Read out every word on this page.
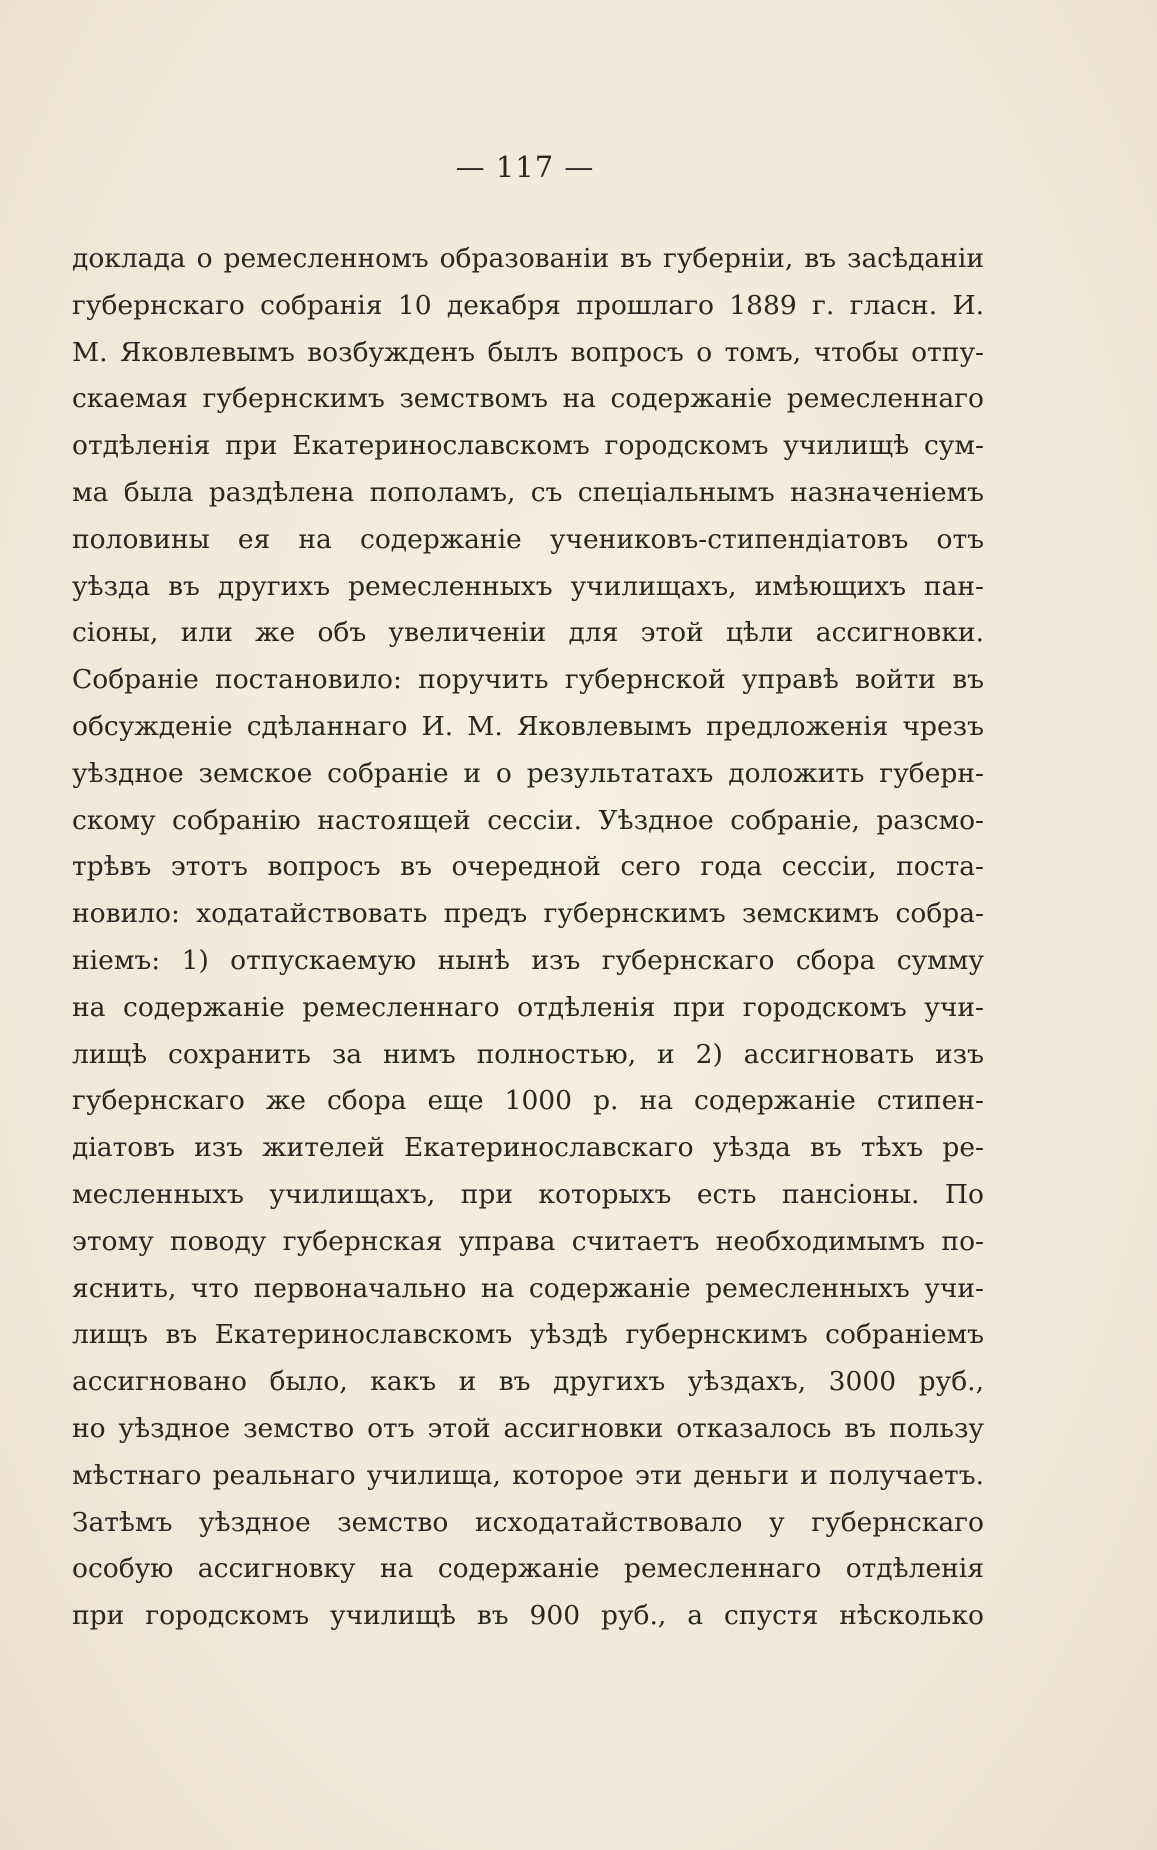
— 117 —
доклада о ремесленномъ образованіи въ губерніи, въ засѣданіи
губернскаго собранія 10 декабря прошлаго 1889 г. гласн. И.
М. Яковлевымъ возбужденъ былъ вопросъ о томъ, чтобы отпу-
скаемая губернскимъ земствомъ на содержаніе ремесленнаго
отдѣленія при Екатеринославскомъ городскомъ училищѣ сум-
ма была раздѣлена пополамъ, съ спеціальнымъ назначеніемъ
половины ея на содержаніе учениковъ-стипендіатовъ отъ
уѣзда въ другихъ ремесленныхъ училищахъ, имѣющихъ пан-
сіоны, или же объ увеличеніи для этой цѣли ассигновки.
Собраніе постановило: поручить губернской управѣ войти въ
обсужденіе сдѣланнаго И. М. Яковлевымъ предложенія чрезъ
уѣздное земское собраніе и о результатахъ доложить губерн-
скому собранію настоящей сессіи. Уѣздное собраніе, разсмо-
трѣвъ этотъ вопросъ въ очередной сего года сессіи, поста-
новило: ходатайствовать предъ губернскимъ земскимъ собра-
ніемъ: 1) отпускаемую нынѣ изъ губернскаго сбора сумму
на содержаніе ремесленнаго отдѣленія при городскомъ учи-
лищѣ сохранить за нимъ полностью, и 2) ассигновать изъ
губернскаго же сбора еще 1000 р. на содержаніе стипен-
діатовъ изъ жителей Екатеринославскаго уѣзда въ тѣхъ ре-
месленныхъ училищахъ, при которыхъ есть пансіоны. По
этому поводу губернская управа считаетъ необходимымъ по-
яснить, что первоначально на содержаніе ремесленныхъ учи-
лищъ въ Екатеринославскомъ уѣздѣ губернскимъ собраніемъ
ассигновано было, какъ и въ другихъ уѣздахъ, 3000 руб.,
но уѣздное земство отъ этой ассигновки отказалось въ пользу
мѣстнаго реальнаго училища, которое эти деньги и получаетъ.
Затѣмъ уѣздное земство исходатайствовало у губернскаго
особую ассигновку на содержаніе ремесленнаго отдѣленія
при городскомъ училищѣ въ 900 руб., а спустя нѣсколько
